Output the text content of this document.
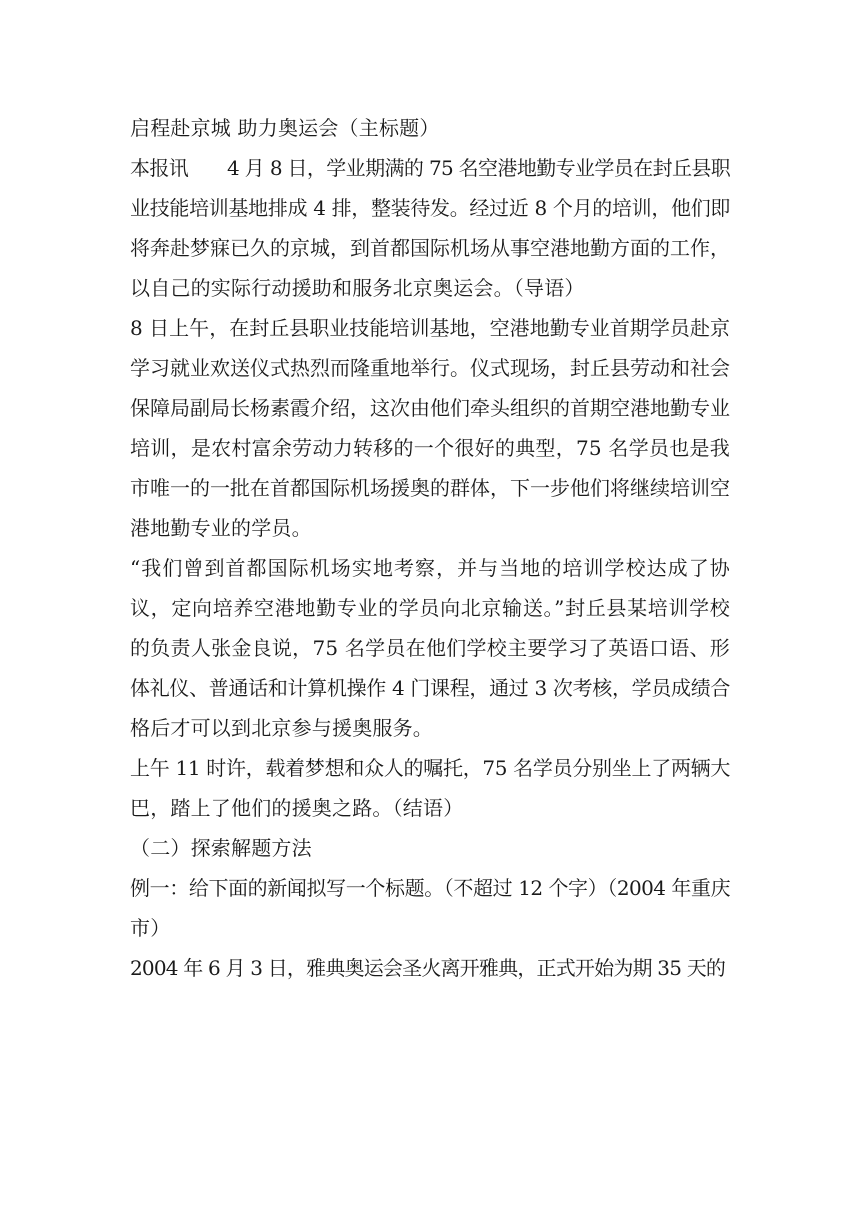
启程赴京城 助力奥运会（主标题）

本报讯　　4 月 8 日，学业期满的 75 名空港地勤专业学员在封丘县职
业技能培训基地排成 4 排，整装待发。经过近 8 个月的培训，他们即
将奔赴梦寐已久的京城，到首都国际机场从事空港地勤方面的工作，
以自己的实际行动援助和服务北京奥运会。（导语）

8 日上午，在封丘县职业技能培训基地，空港地勤专业首期学员赴京
学习就业欢送仪式热烈而隆重地举行。仪式现场，封丘县劳动和社会
保障局副局长杨素霞介绍，这次由他们牵头组织的首期空港地勤专业
培训，是农村富余劳动力转移的一个很好的典型，75 名学员也是我
市唯一的一批在首都国际机场援奥的群体，下一步他们将继续培训空
港地勤专业的学员。

“我们曾到首都国际机场实地考察，并与当地的培训学校达成了协
议，定向培养空港地勤专业的学员向北京输送。”封丘县某培训学校
的负责人张金良说，75 名学员在他们学校主要学习了英语口语、形
体礼仪、普通话和计算机操作 4 门课程，通过 3 次考核，学员成绩合
格后才可以到北京参与援奥服务。

上午 11 时许，载着梦想和众人的嘱托，75 名学员分别坐上了两辆大
巴，踏上了他们的援奥之路。（结语）

（二）探索解题方法

例一：给下面的新闻拟写一个标题。（不超过 12 个字）（2004 年重庆
市）

2004 年 6 月 3 日，雅典奥运会圣火离开雅典，正式开始为期 35 天的
